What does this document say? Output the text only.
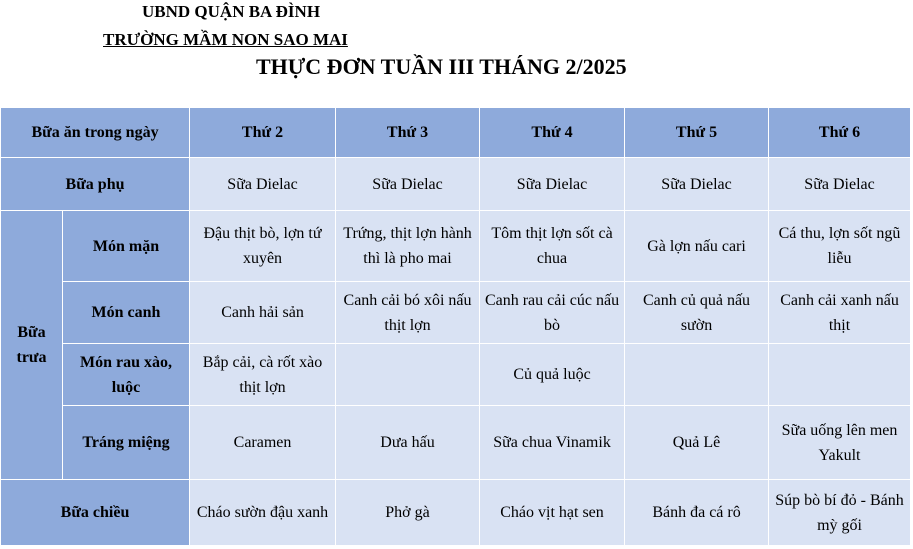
UBND QUẬN BA ĐÌNH
TRƯỜNG MẦM NON SAO MAI
THỰC ĐƠN TUẦN III THÁNG 2/2025
Bữa ăn trong ngày		Thứ 2	Thứ 3	Thứ 4	Thứ 5	Thứ 6
Bữa phụ		Sữa Dielac	Sữa Dielac	Sữa Dielac	Sữa Dielac	Sữa Dielac
Bữa trưa	Món mặn	Đậu thịt bò, lợn tứ xuyên	Trứng, thịt lợn hành thì là pho mai	Tôm thịt lợn sốt cà chua	Gà lợn nấu cari	Cá thu, lợn sốt ngũ liễu
	Món canh	Canh hải sản	Canh cải bó xôi nấu thịt lợn	Canh rau cải cúc nấu bò	Canh củ quả nấu sườn	Canh cải xanh nấu thịt
	Món rau xào, luộc	Bắp cải, cà rốt xào thịt lợn		Củ quả luộc		
	Tráng miệng	Caramen	Dưa hấu	Sữa chua Vinamik	Quả Lê	Sữa uống lên men Yakult
Bữa chiều		Cháo sườn đậu xanh	Phở gà	Cháo vịt hạt sen	Bánh đa cá rô	Súp bò bí đỏ - Bánh mỳ gối
